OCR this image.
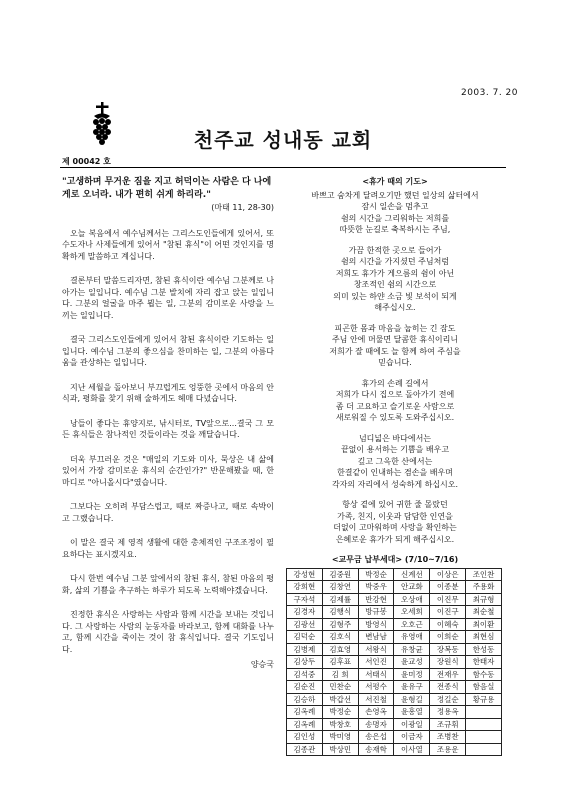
2003. 7. 20
천주교 성내동 교회
제 00042 호
"고생하며 무거운 짐을 지고 허덕이는 사람은 다 나에게로 오너라. 내가 편히 쉬게 하리라."
(마태 11, 28-30)

오늘 복음에서 예수님께서는 그리스도인들에게 있어서, 또 수도자나 사제들에게 있어서 "참된 휴식"이 어떤 것인지를 명확하게 말씀하고 계십니다.

결론부터 말씀드리자면, 참된 휴식이란 예수님 그분께로 나아가는 일입니다. 예수님 그분 발치에 자리 잡고 앉는 일입니다. 그분의 얼굴을 마주 뵙는 일, 그분의 감미로운 사랑을 느끼는 일입니다.

결국 그리스도인들에게 있어서 참된 휴식이란 기도하는 일입니다. 예수님 그분의 좋으심을 찬미하는 일, 그분의 아름다움을 관상하는 일입니다.

지난 세월을 돌아보니 부끄럽게도 엉뚱한 곳에서 마음의 안식과, 평화를 찾기 위해 술하게도 헤매 다녔습니다.

낭들이 좋다는 휴양지로, 낚시터로, TV앞으로...결국 그 모든 휴식들은 참나적인 것들이라는 것을 깨달습니다.

더욱 부끄러운 것은 "매일의 기도와 미사, 묵상은 내 삶에 있어서 가장 감미로운 휴식의 순간인가?" 반문해봤을 때, 한마디로 "아니올시다"였습니다.

그보다는 오히려 부담스럽고, 때로 짜증나고, 때로 속박이고 그랬습니다.

이 말은 결국 제 영적 생활에 대한 총체적인 구조조정이 필요하다는 표시겠지요.

다시 한번 예수님 그분 앞에서의 참된 휴식, 참된 마음의 평화, 삶의 기쁨을 추구하는 하루가 되도록 노력해야겠습니다.

진정한 휴식은 사랑하는 사람과 함께 시간을 보내는 것입니다. 그 사랑하는 사람의 눈동자를 바라보고, 함께 대화를 나누고, 함께 시간을 죽이는 것이 참 휴식입니다. 결국 기도입니다.

양승국
<휴가 때의 기도>
바쁘고 숨차게 달려오기만 했던 일상의 삶터에서
잠시 일손을 멈추고
쉼의 시간을 그리워하는 저희를
따뜻한 눈길로 축복하시는 주님,
가끔 한적한 곳으로 들어가
쉼의 시간을 가지셨던 주님처럼
저희도 휴가가 게으름의 쉼이 아닌
창조적인 쉼의 시간으로
의미 있는 하얀 소금 빛 보석이 되게
해주십시오.
피곤한 몸과 마음을 눕히는 긴 잠도
주님 안에 머물면 달콤한 휴식이리니
저희가 잘 때에도 늘 함께 하여 주심을
믿습니다.
휴가의 손례 길에서
저희가 다시 집으로 돌아가기 전에
좀 더 고요하고 슬기로운 사람으로
새로워질 수 있도록 도와주십시오.
넘디넓은 바다에서는
끝없이 용서하는 기쁨을 배우고
깊고 그윽한 산에서는
한결같이 인내하는 겸손을 배우며
각자의 자리에서 성숙하게 하십시오.
항상 곁에 있어 귀한 줄 몰랐던
가족, 친지, 이웃과 담담한 인연을
더없이 고마워하며 사랑을 확인하는
은혜로운 휴가가 되게 해주십시오.
<교무금 납부세대> (7/10~7/16)
강성현	김중원	박정순	신계선	이상은	조인찬
강희현	김창연	박중우	안교화	이종분	주용화
구자석	김제률	반강현	오상애	이진무	최규형
김경자	김행식	방규봉	오세희	이진구	최순철
김광선	김형주	방영식	오호근	이혜숙	최이환
김덕순	김호식	변남남	유영애	이희순	최현심
김병제	김효영	서왕식	유창균	장복동	한성동
김상두	김후표	서인진	윤교성	장원식	한태자
김석중	김 희	서태식	윤미정	전재우	함수동
김순진	민찬순	서평수	윤유구	전종식	함음실
김승하	박갑선	서진철	윤형길	정길순	황규용
김옥례	박정순	손영옥	윤흥열	정용옥	
김옥례	박창호	송명자	이광일	조규휘	
김인성	박미영	송은섭	이금자	조병찬	
김종관	박상민	송재학	이사열	조용운	
